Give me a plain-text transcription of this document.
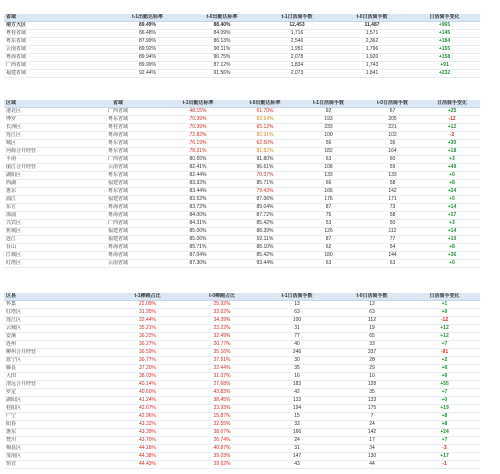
省域	t-1出勤达标率	t-0出勤达标率	t-1日活骑手数	t-0日活骑手数	日活骑手变化
南方大区	89.49%	88.40%	12,453	11,487	+965
粤桂省域	86.48%	84.09%	1,716	1,571	+145
粤东省域	87.99%	86.13%	2,546	2,362	+184
云南省域	89.92%	90.11%	1,951	1,796	+155
粤海省域	89.94%	90.75%	2,078	1,920	+158
广西省域	89.99%	87.12%	1,834	1,743	+91
福建省域	92.44%	91.56%	2,073	1,841	+232
区域	省域	t-1出勤达标率	t-0出勤达标率	t-1日活骑手数	t-0日活骑手数	日活骑手变化
港北区	广西省域	48.15%	61.70%	92	67	+25
博罗	粤东省域	70.39%	83.54%	193	205	-12
长洲区	粤桂省域	70.39%	65.12%	233	221	+12
莲江区	粤海省域	72.82%	80.91%	100	102	-2
城区	粤东省域	76.19%	62.50%	56	26	+30
河源合并经营	粤东省域	78.21%	81.82%	182	164	+18
平南	广西省域	80.65%	91.80%	63	60	+3
丽江合并经营	云南省域	82.41%	96.61%	108	59	+49
湖阳区	粤东省域	82.44%	70.37%	133	133	+0
西湖	福建省域	83.33%	85.71%	66	58	+8
惠东	粤东省域	83.44%	79.43%	166	142	+24
浦江	福建省域	83.52%	87.06%	176	171	+5
东方	粤海省域	83.72%	89.04%	87	73	+14
漳浦	粤海省域	84.00%	87.72%	75	58	+17
兴宾区	广西省域	84.31%	85.42%	53	50	+3
蕉城区	福建省域	85.00%	88.39%	126	112	+14
连江	福建省域	85.06%	92.11%	87	77	+10
台山	粤海省域	85.71%	88.10%	62	54	+8
江城区	粤海省域	87.04%	85.42%	180	144	+36
红塔区	云南省域	87.30%	93.44%	63	63	+0
区县	t-1棒跑占比	t-0棒跑占比	t-1日活骑手数	t-0日活骑手数	日活骑手变化
怀集	22.09%	25.92%	13	12	+1
红塔区	31.95%	32.02%	63	63	+0
莲江区	32.44%	34.39%	100	112	-12
云城区	35.21%	23.22%	31	19	+12
安溪	36.22%	32.49%	77	65	+12
连州	36.27%	20.77%	40	33	+7
柳州合并经营	36.59%	35.16%	246	337	-91
蓝宁区	36.77%	37.51%	30	28	+2
藤县	37.20%	32.44%	35	29	+6
大田	38.03%	31.07%	16	10	+6
清远合并经营	40.14%	27.68%	183	128	+55
罗定	40.60%	43.83%	42	35	+7
湖阳区	41.24%	38.45%	133	133	+0
桂阳区	42.67%	33.93%	194	175	+19
广宁	42.96%	15.87%	15	7	+8
阳春	43.32%	32.55%	32	24	+8
惠东	43.39%	38.07%	166	142	+24
梵川	43.70%	26.74%	24	17	+7
梅县区	44.16%	40.87%	31	34	-3
茂南区	44.38%	39.03%	147	130	+17
恒宜	44.43%	39.62%	43	44	-1
